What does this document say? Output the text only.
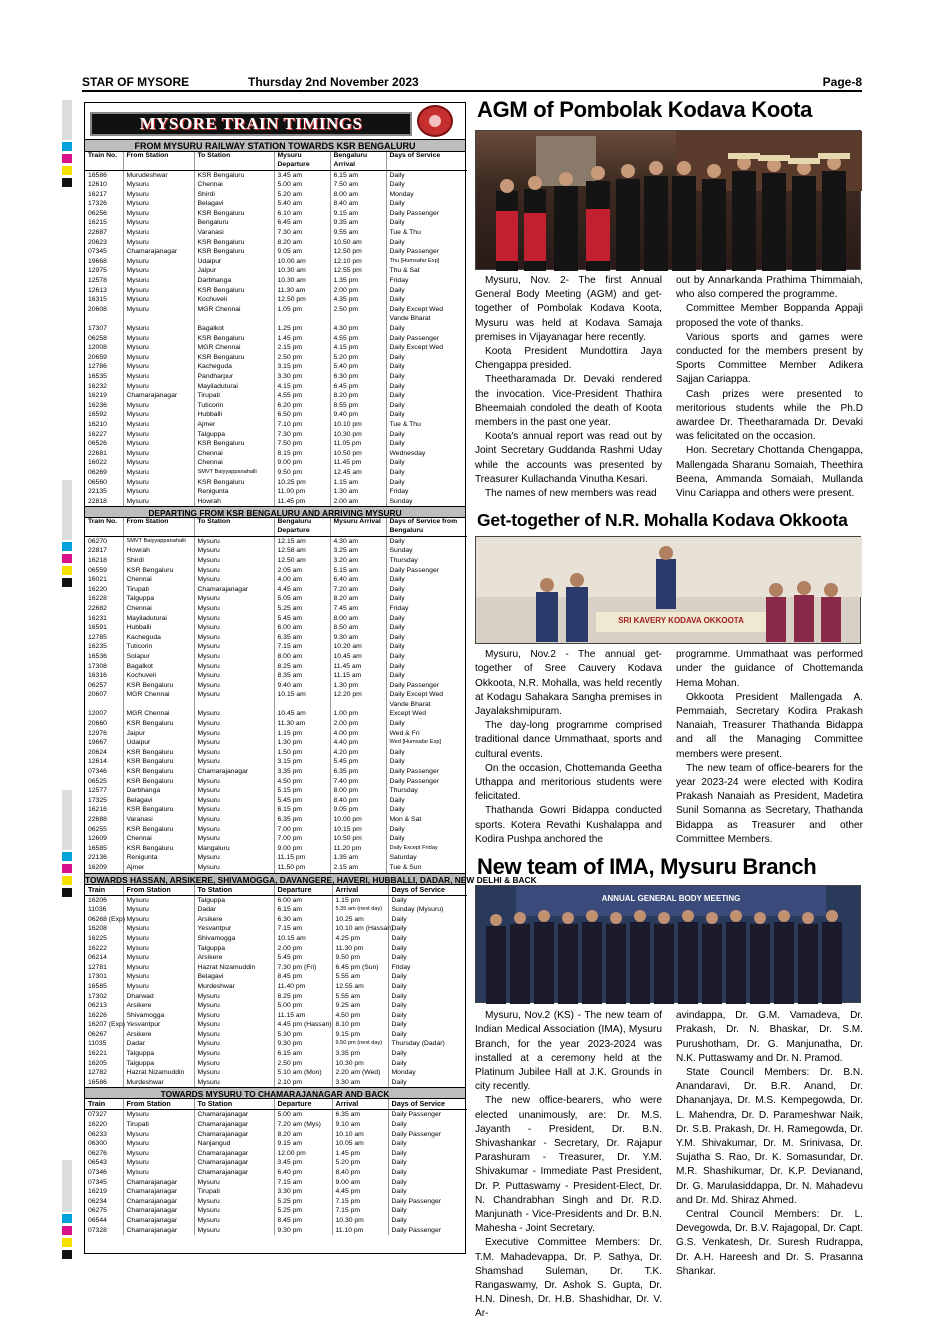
STAR OF MYSORE	Thursday 2nd November 2023	Page-8
MYSORE TRAIN TIMINGS
FROM MYSURU RAILWAY STATION TOWARDS KSR BENGALURU
Train No.	From Station	To Station	Mysuru Departure	Bengaluru Arrival	Days of Service
16586	Murudeshwar	KSR Bengaluru	3.45 am	6.15 am	Daily
12610	Mysuru	Chennai	5.00 am	7.50 am	Daily
16217	Mysuru	Shirdi	5.20 am	8.00 am	Monday
17326	Mysuru	Belagavi	5.40 am	8.40 am	Daily
06256	Mysuru	KSR Bengaluru	6.10 am	9.15 am	Daily Passenger
16215	Mysuru	Bengaluru	6.45 am	9.35 am	Daily
22687	Mysuru	Varanasi	7.30 am	9.55 am	Tue & Thu
20623	Mysuru	KSR Bengaluru	8.20 am	10.50 am	Daily
07345	Chamarajanagar	KSR Bengaluru	9.05 am	12.50 pm	Daily Passenger
19668	Mysuru	Udaipur	10.00 am	12.10 pm	Thu [Humsafar Exp]
12975	Mysuru	Jaipur	10.30 am	12.55 pm	Thu & Sat
12578	Mysuru	Darbhanga	10.30 am	1.35 pm	Friday
12613	Mysuru	KSR Bengaluru	11.30 am	2.00 pm	Daily
16315	Mysuru	Kochuveli	12.50 pm	4.35 pm	Daily
20608	Mysuru	MGR Chennai	1.05 pm	2.50 pm	Daily Except Wed
					Vande Bharat
17307	Mysuru	Bagalkot	1.25 pm	4.30 pm	Daily
06258	Mysuru	KSR Bengaluru	1.45 pm	4.55 pm	Daily Passenger
12008	Mysuru	MGR Chennai	2.15 pm	4.15 pm	Daily Except Wed
20659	Mysuru	KSR Bengaluru	2.50 pm	5.20 pm	Daily
12786	Mysuru	Kacheguda	3.15 pm	5.40 pm	Daily
16535	Mysuru	Pandharpur	3.30 pm	6.30 pm	Daily
16232	Mysuru	Mayiladuturai	4.15 pm	6.45 pm	Daily
16219	Chamarajanagar	Tirupati	4.55 pm	8.20 pm	Daily
16236	Mysuru	Tuticorin	6.20 pm	8.55 pm	Daily
16592	Mysuru	Hubballi	6.50 pm	9.40 pm	Daily
16210	Mysuru	Ajmer	7.10 pm	10.10 pm	Tue & Thu
16227	Mysuru	Talguppa	7.30 pm	10.30 pm	Daily
06526	Mysuru	KSR Bengaluru	7.50 pm	11.05 pm	Daily
22681	Mysuru	Chennai	8.15 pm	10.50 pm	Wednesday
16022	Mysuru	Chennai	9.00 pm	11.45 pm	Daily
06269	Mysuru	SMVT Baiyyappanahalli	9.50 pm	12.45 am	Daily
06560	Mysuru	KSR Bengaluru	10.25 pm	1.15 am	Daily
22135	Mysuru	Renigunta	11.00 pm	1.30 am	Friday
22818	Mysuru	Howrah	11.45 pm	2.00 am	Sunday
DEPARTING FROM KSR BENGALURU AND ARRIVING MYSURU
Train No.	From Station	To Station	Bengaluru Departure	Mysuru Arrival	Days of Service from Bengaluru
06270	SMVT Baiyyappanahalli	Mysuru	12.15 am	4.30 am	Daily
22817	Howrah	Mysuru	12.58 am	3.25 am	Sunday
16218	Shirdi	Mysuru	12.50 am	3.20 am	Thursday
06559	KSR Bengaluru	Mysuru	2.05 am	5.15 am	Daily Passenger
16021	Chennai	Mysuru	4.00 am	6.40 am	Daily
16220	Tirupati	Chamarajanagar	4.45 am	7.20 am	Daily
16228	Talguppa	Mysuru	5.05 am	8.20 am	Daily
22682	Chennai	Mysuru	5.25 am	7.45 am	Friday
16231	Mayiladuturai	Mysuru	5.45 am	8.00 am	Daily
16591	Hubballi	Mysuru	6.00 am	8.50 am	Daily
12785	Kacheguda	Mysuru	6.35 am	9.30 am	Daily
16235	Tuticorin	Mysuru	7.15 am	10.20 am	Daily
16536	Solapur	Mysuru	8.00 am	10.45 am	Daily
17308	Bagalkot	Mysuru	8.25 am	11.45 am	Daily
16316	Kochuveli	Mysuru	8.35 am	11.15 am	Daily
06257	KSR Bengaluru	Mysuru	9.40 am	1.30 pm	Daily Passenger
20607	MGR Chennai	Mysuru	10.15 am	12.20 pm	Daily Except Wed
					Vande Bharat
12007	MGR Chennai	Mysuru	10.45 am	1.00 pm	Except Wed
20660	KSR Bengaluru	Mysuru	11.30 am	2.00 pm	Daily
12976	Jaipur	Mysuru	1.15 pm	4.00 pm	Wed & Fri
19667	Udaipur	Mysuru	1.30 pm	4.40 pm	Wed [Humsafar Exp]
20624	KSR Bengaluru	Mysuru	1.50 pm	4.20 pm	Daily
12614	KSR Bengaluru	Mysuru	3.15 pm	5.45 pm	Daily
07346	KSR Bengaluru	Chamarajanagar	3.35 pm	6.35 pm	Daily Passenger
06525	KSR Bengaluru	Mysuru	4.50 pm	7.40 pm	Daily Passenger
12577	Darbhanga	Mysuru	5.15 pm	8.00 pm	Thursday
17325	Belagavi	Mysuru	5.45 pm	8.40 pm	Daily
16216	KSR Bengaluru	Mysuru	6.15 pm	9.05 pm	Daily
22688	Varanasi	Mysuru	6.35 pm	10.00 pm	Mon & Sat
06255	KSR Bengaluru	Mysuru	7.00 pm	10.15 pm	Daily
12609	Chennai	Mysuru	7.00 pm	10.50 pm	Daily
16585	KSR Bengaluru	Mangaluru	9.00 pm	11.20 pm	Daily Except Friday
22136	Renigunta	Mysuru	11.15 pm	1.35 am	Saturday
16209	Ajmer	Mysuru	11.50 pm	2.15 am	Tue & Sun
TOWARDS HASSAN, ARSIKERE, SHIVAMOGGA, DAVANGERE, HAVERI, HUBBALLI, DADAR, NEW DELHI & BACK
Train	From Station	To Station	Departure	Arrival	Days of Service
16206	Mysuru	Talguppa	6.00 am	1.15 pm	Daily
11036	Mysuru	Dadar	6.15 am	5.35 am (next day)	Sunday (Mysuru)
06268 (Exp)	Mysuru	Arsikere	6.30 am	10.25 am	Daily
16208	Mysuru	Yesvantpur	7.15 am	10.10 am (Hassan)	Daily
16225	Mysuru	Shivamogga	10.15 am	4.25 pm	Daily
16222	Mysuru	Talguppa	2.00 pm	11.30 pm	Daily
06214	Mysuru	Arsikere	5.45 pm	9.50 pm	Daily
12781	Mysuru	Hazrat Nizamuddin	7.30 pm (Fri)	6.45 pm (Sun)	Friday
17301	Mysuru	Belagavi	8.45 pm	5.55 am	Daily
16585	Mysuru	Murdeshwar	11.40 pm	12.55 am	Daily
17302	Dharwad	Mysuru	8.25 pm	5.55 am	Daily
06213	Arsikere	Mysuru	5.00 pm	9.25 am	Daily
16226	Shivamogga	Mysuru	11.15 am	4.50 pm	Daily
16207 (Exp)	Yesvantpur	Mysuru	4.45 pm (Hassan)	8.10 pm	Daily
06267	Arsikere	Mysuru	5.30 pm	9.15 pm	Daily
11035	Dadar	Mysuru	9.30 pm	9.50 pm (next day)	Thursday (Dadar)
16221	Talguppa	Mysuru	6.15 am	3.35 pm	Daily
16205	Talguppa	Mysuru	2.50 pm	10.30 pm	Daily
12782	Hazrat Nizamuddin	Mysuru	5.10 am (Mon)	2.20 am (Wed)	Monday
16586	Murdeshwar	Mysuru	2.10 pm	3.30 am	Daily
TOWARDS MYSURU TO CHAMARAJANAGAR AND BACK
Train	From Station	To Station	Departure	Arrival	Days of Service
07327	Mysuru	Chamarajanagar	5.00 am	6.35 am	Daily Passenger
16220	Tirupati	Chamarajanagar	7.20 am (Mys)	9.10 am	Daily
06233	Mysuru	Chamarajanagar	8.20 am	10.10 am	Daily Passenger
06300	Mysuru	Nanjangud	9.15 am	10.05 am	Daily
06276	Mysuru	Chamarajanagar	12.00 pm	1.45 pm	Daily
06543	Mysuru	Chamarajanagar	3.45 pm	5.20 pm	Daily
07346	Mysuru	Chamarajanagar	6.40 pm	8.40 pm	Daily
07345	Chamarajanagar	Mysuru	7.15 am	9.00 am	Daily
16219	Chamarajanagar	Tirupati	3.30 pm	4.45 pm	Daily
06234	Chamarajanagar	Mysuru	5.25 pm	7.15 pm	Daily Passenger
06275	Chamarajanagar	Mysuru	5.25 pm	7.15 pm	Daily
06544	Chamarajanagar	Mysuru	8.45 pm	10.30 pm	Daily
07328	Chamarajanagar	Mysuru	9.30 pm	11.10 pm	Daily Passenger
AGM of Pombolak Kodava Koota

Mysuru, Nov. 2- The first Annual General Body Meeting (AGM) and get-together of Pombolak Kodava Koota, Mysuru was held at Kodava Samaja premises in Vijayanagar here recently.

Koota President Mundottira Jaya Chengappa presided.

Theetharamada Dr. Devaki rendered the invocation. Vice-President Thathira Bheemaiah condoled the death of Koota members in the past one year.

Koota's annual report was read out by Joint Secretary Guddanda Rashmi Uday while the accounts was presented by Treasurer Kullachanda Vinutha Kesari.

The names of new members was read

out by Annarkanda Prathima Thimmaiah, who also compered the programme.

Committee Member Boppanda Appaji proposed the vote of thanks.

Various sports and games were conducted for the members present by Sports Committee Member Adikera Sajjan Cariappa.

Cash prizes were presented to meritorious students while the Ph.D awardee Dr. Theetharamada Dr. Devaki was felicitated on the occasion.

Hon. Secretary Chottanda Chengappa, Mallengada Sharanu Somaiah, Theethira Beena, Ammanda Somaiah, Mullanda Vinu Cariappa and others were present.

Get-together of N.R. Mohalla Kodava Okkoota
SRI KAVERY KODAVA OKKOOTA

Mysuru, Nov.2 - The annual get-together of Sree Cauvery Kodava Okkoota, N.R. Mohalla, was held recently at Kodagu Sahakara Sangha premises in Jayalakshmipuram.

The day-long programme comprised traditional dance Ummathaat, sports and cultural events.

On the occasion, Chottemanda Geetha Uthappa and meritorious students were felicitated.

Thathanda Gowri Bidappa conducted sports. Kotera Revathi Kushalappa and Kodira Pushpa anchored the

programme. Ummathaat was performed under the guidance of Chottemanda Hema Mohan.

Okkoota President Mallengada A. Pemmaiah, Secretary Kodira Prakash Nanaiah, Treasurer Thathanda Bidappa and all the Managing Committee members were present.

The new team of office-bearers for the year 2023-24 were elected with Kodira Prakash Nanaiah as President, Madetira Sunil Somanna as Secretary, Thathanda Bidappa as Treasurer and other Committee Members.

New team of IMA, Mysuru Branch
ANNUAL GENERAL BODY MEETING

Mysuru, Nov.2 (KS) - The new team of Indian Medical Association (IMA), Mysuru Branch, for the year 2023-2024 was installed at a ceremony held at the Platinum Jubilee Hall at J.K. Grounds in city recently.

The new office-bearers, who were elected unanimously, are: Dr. M.S. Jayanth - President, Dr. B.N. Shivashankar - Secretary, Dr. Rajapur Parashuram - Treasurer, Dr. Y.M. Shivakumar - Immediate Past President, Dr. P. Puttaswamy - President-Elect, Dr. N. Chandrabhan Singh and Dr. R.D. Manjunath - Vice-Presidents and Dr. B.N. Mahesha - Joint Secretary.

Executive Committee Members: Dr. T.M. Mahadevappa, Dr. P. Sathya, Dr. Shamshad Suleman, Dr. T.K. Rangaswamy, Dr. Ashok S. Gupta, Dr. H.N. Dinesh, Dr. H.B. Shashidhar, Dr. V. Ar-

avindappa, Dr. G.M. Vamadeva, Dr. Prakash, Dr. N. Bhaskar, Dr. S.M. Purushotham, Dr. G. Manjunatha, Dr. N.K. Puttaswamy and Dr. N. Pramod.

State Council Members: Dr. B.N. Anandaravi, Dr. B.R. Anand, Dr. Dhananjaya, Dr. M.S. Kempegowda, Dr. L. Mahendra, Dr. D. Parameshwar Naik, Dr. S.B. Prakash, Dr. H. Ramegowda, Dr. Y.M. Shivakumar, Dr. M. Srinivasa, Dr. Sujatha S. Rao, Dr. K. Somasundar, Dr. M.R. Shashikumar, Dr. K.P. Devianand, Dr. G. Marulasiddappa, Dr. N. Mahadevu and Dr. Md. Shiraz Ahmed.

Central Council Members: Dr. L. Devegowda, Dr. B.V. Rajagopal, Dr. Capt. G.S. Venkatesh, Dr. Suresh Rudrappa, Dr. A.H. Hareesh and Dr. S. Prasanna Shankar.
